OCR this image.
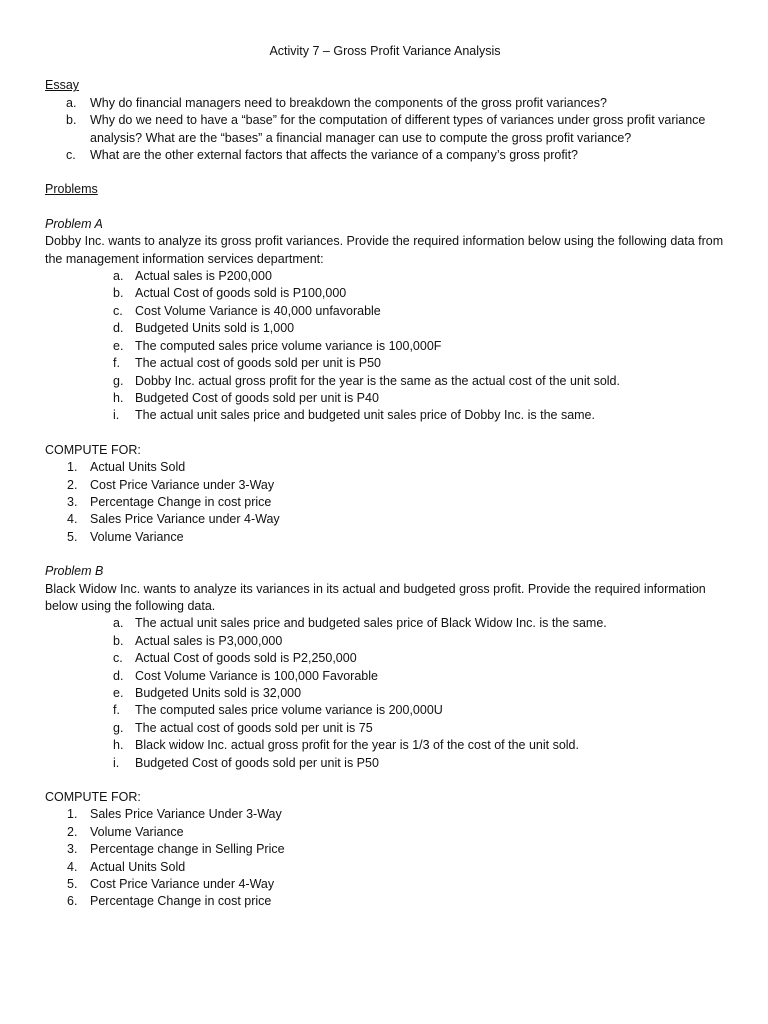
Activity 7 – Gross Profit Variance Analysis
Essay
a.	Why do financial managers need to breakdown the components of the gross profit variances?
b.	Why do we need to have a “base” for the computation of different types of variances under gross profit variance analysis? What are the “bases” a financial manager can use to compute the gross profit variance?
c.	What are the other external factors that affects the variance of a company’s gross profit?
Problems

Problem A

Dobby Inc. wants to analyze its gross profit variances. Provide the required information below using the following data from the management information services department:

a. Actual sales is P200,000
b. Actual Cost of goods sold is P100,000
c. Cost Volume Variance is 40,000 unfavorable
d. Budgeted Units sold is 1,000
e. The computed sales price volume variance is 100,000F
f.	The actual cost of goods sold per unit is P50
g. Dobby Inc. actual gross profit for the year is the same as the actual cost of the unit sold.
h. Budgeted Cost of goods sold per unit is P40
i.	The actual unit sales price and budgeted unit sales price of Dobby Inc. is the same.

COMPUTE FOR:

1.	Actual Units Sold
2.	Cost Price Variance under 3-Way
3.	Percentage Change in cost price
4.	Sales Price Variance under 4-Way
5.	Volume Variance

Problem B

Black Widow Inc. wants to analyze its variances in its actual and budgeted gross profit. Provide the required information below using the following data.

a. The actual unit sales price and budgeted sales price of Black Widow Inc. is the same.
b. Actual sales is P3,000,000
c. Actual Cost of goods sold is P2,250,000
d. Cost Volume Variance is 100,000 Favorable
e. Budgeted Units sold is 32,000
f.	The computed sales price volume variance is 200,000U
g. The actual cost of goods sold per unit is 75
h. Black widow Inc. actual gross profit for the year is 1/3 of the cost of the unit sold.
i.	Budgeted Cost of goods sold per unit is P50

COMPUTE FOR:

1.	Sales Price Variance Under 3-Way
2.	Volume Variance
3.	Percentage change in Selling Price
4.	Actual Units Sold
5.	Cost Price Variance under 4-Way
6.	Percentage Change in cost price
